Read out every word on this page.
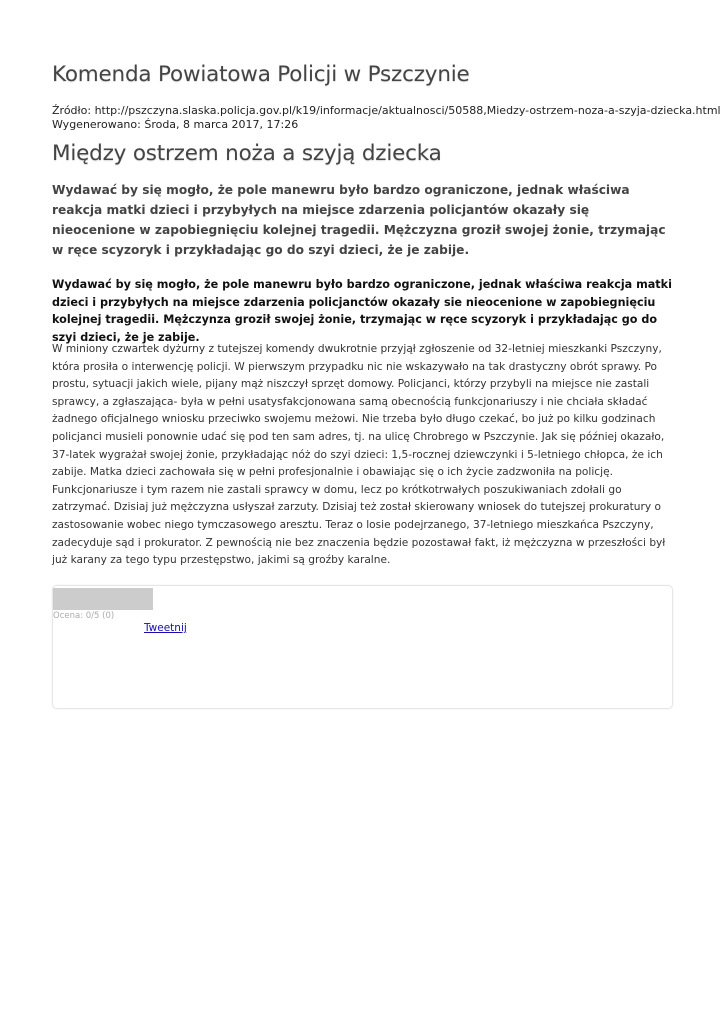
Komenda Powiatowa Policji w Pszczynie
Źródło: http://pszczyna.slaska.policja.gov.pl/k19/informacje/aktualnosci/50588,Miedzy-ostrzem-noza-a-szyja-dziecka.html
Wygenerowano: Środa, 8 marca 2017, 17:26
Między ostrzem noża a szyją dziecka
Wydawać by się mogło, że pole manewru było bardzo ograniczone, jednak właściwa reakcja matki dzieci i przybyłych na miejsce zdarzenia policjantów okazały się nieocenione w zapobiegnięciu kolejnej tragedii. Mężczyzna groził swojej żonie, trzymając w ręce scyzoryk i przykładając go do szyi dzieci, że je zabije.
Wydawać by się mogło, że pole manewru było bardzo ograniczone, jednak właściwa reakcja matki dzieci i przybyłych na miejsce zdarzenia policjanctów okazały sie nieocenione w zapobiegnięciu kolejnej tragedii. Mężczynza groził swojej żonie, trzymając w ręce scyzoryk i przykładając go do szyi dzieci, że je zabije.
W miniony czwartek dyżurny z tutejszej komendy dwukrotnie przyjął zgłoszenie od 32-letniej mieszkanki Pszczyny, która prosiła o interwencję policji. W pierwszym przypadku nic nie wskazywało na tak drastyczny obrót sprawy. Po prostu, sytuacji jakich wiele, pijany mąż niszczył sprzęt domowy. Policjanci, którzy przybyli na miejsce nie zastali sprawcy, a zgłaszająca- była w pełni usatysfakcjonowana samą obecnością funkcjonariuszy i nie chciała składać żadnego oficjalnego wniosku przeciwko swojemu meżowi. Nie trzeba było długo czekać, bo już po kilku godzinach policjanci musieli ponownie udać się pod ten sam adres, tj. na ulicę Chrobrego w Pszczynie. Jak się później okazało, 37-latek wygrażał swojej żonie, przykładając nóż do szyi dzieci: 1,5-rocznej dziewczynki i 5-letniego chłopca, że ich zabije. Matka dzieci zachowała się w pełni profesjonalnie i obawiając się o ich życie zadzwoniła na policję. Funkcjonariusze i tym razem nie zastali sprawcy w domu, lecz po krótkotrwałych poszukiwaniach zdołali go zatrzymać. Dzisiaj już mężczyzna usłyszał zarzuty. Dzisiaj też został skierowany wniosek do tutejszej prokuratury o zastosowanie wobec niego tymczasowego aresztu. Teraz o losie podejrzanego, 37-letniego mieszkańca Pszczyny, zadecyduje sąd i prokurator. Z pewnością nie bez znaczenia będzie pozostawał fakt, iż mężczyzna w przeszłości był już karany za tego typu przestępstwo, jakimi są groźby karalne.
Ocena: 0/5 (0)
Tweetnij
